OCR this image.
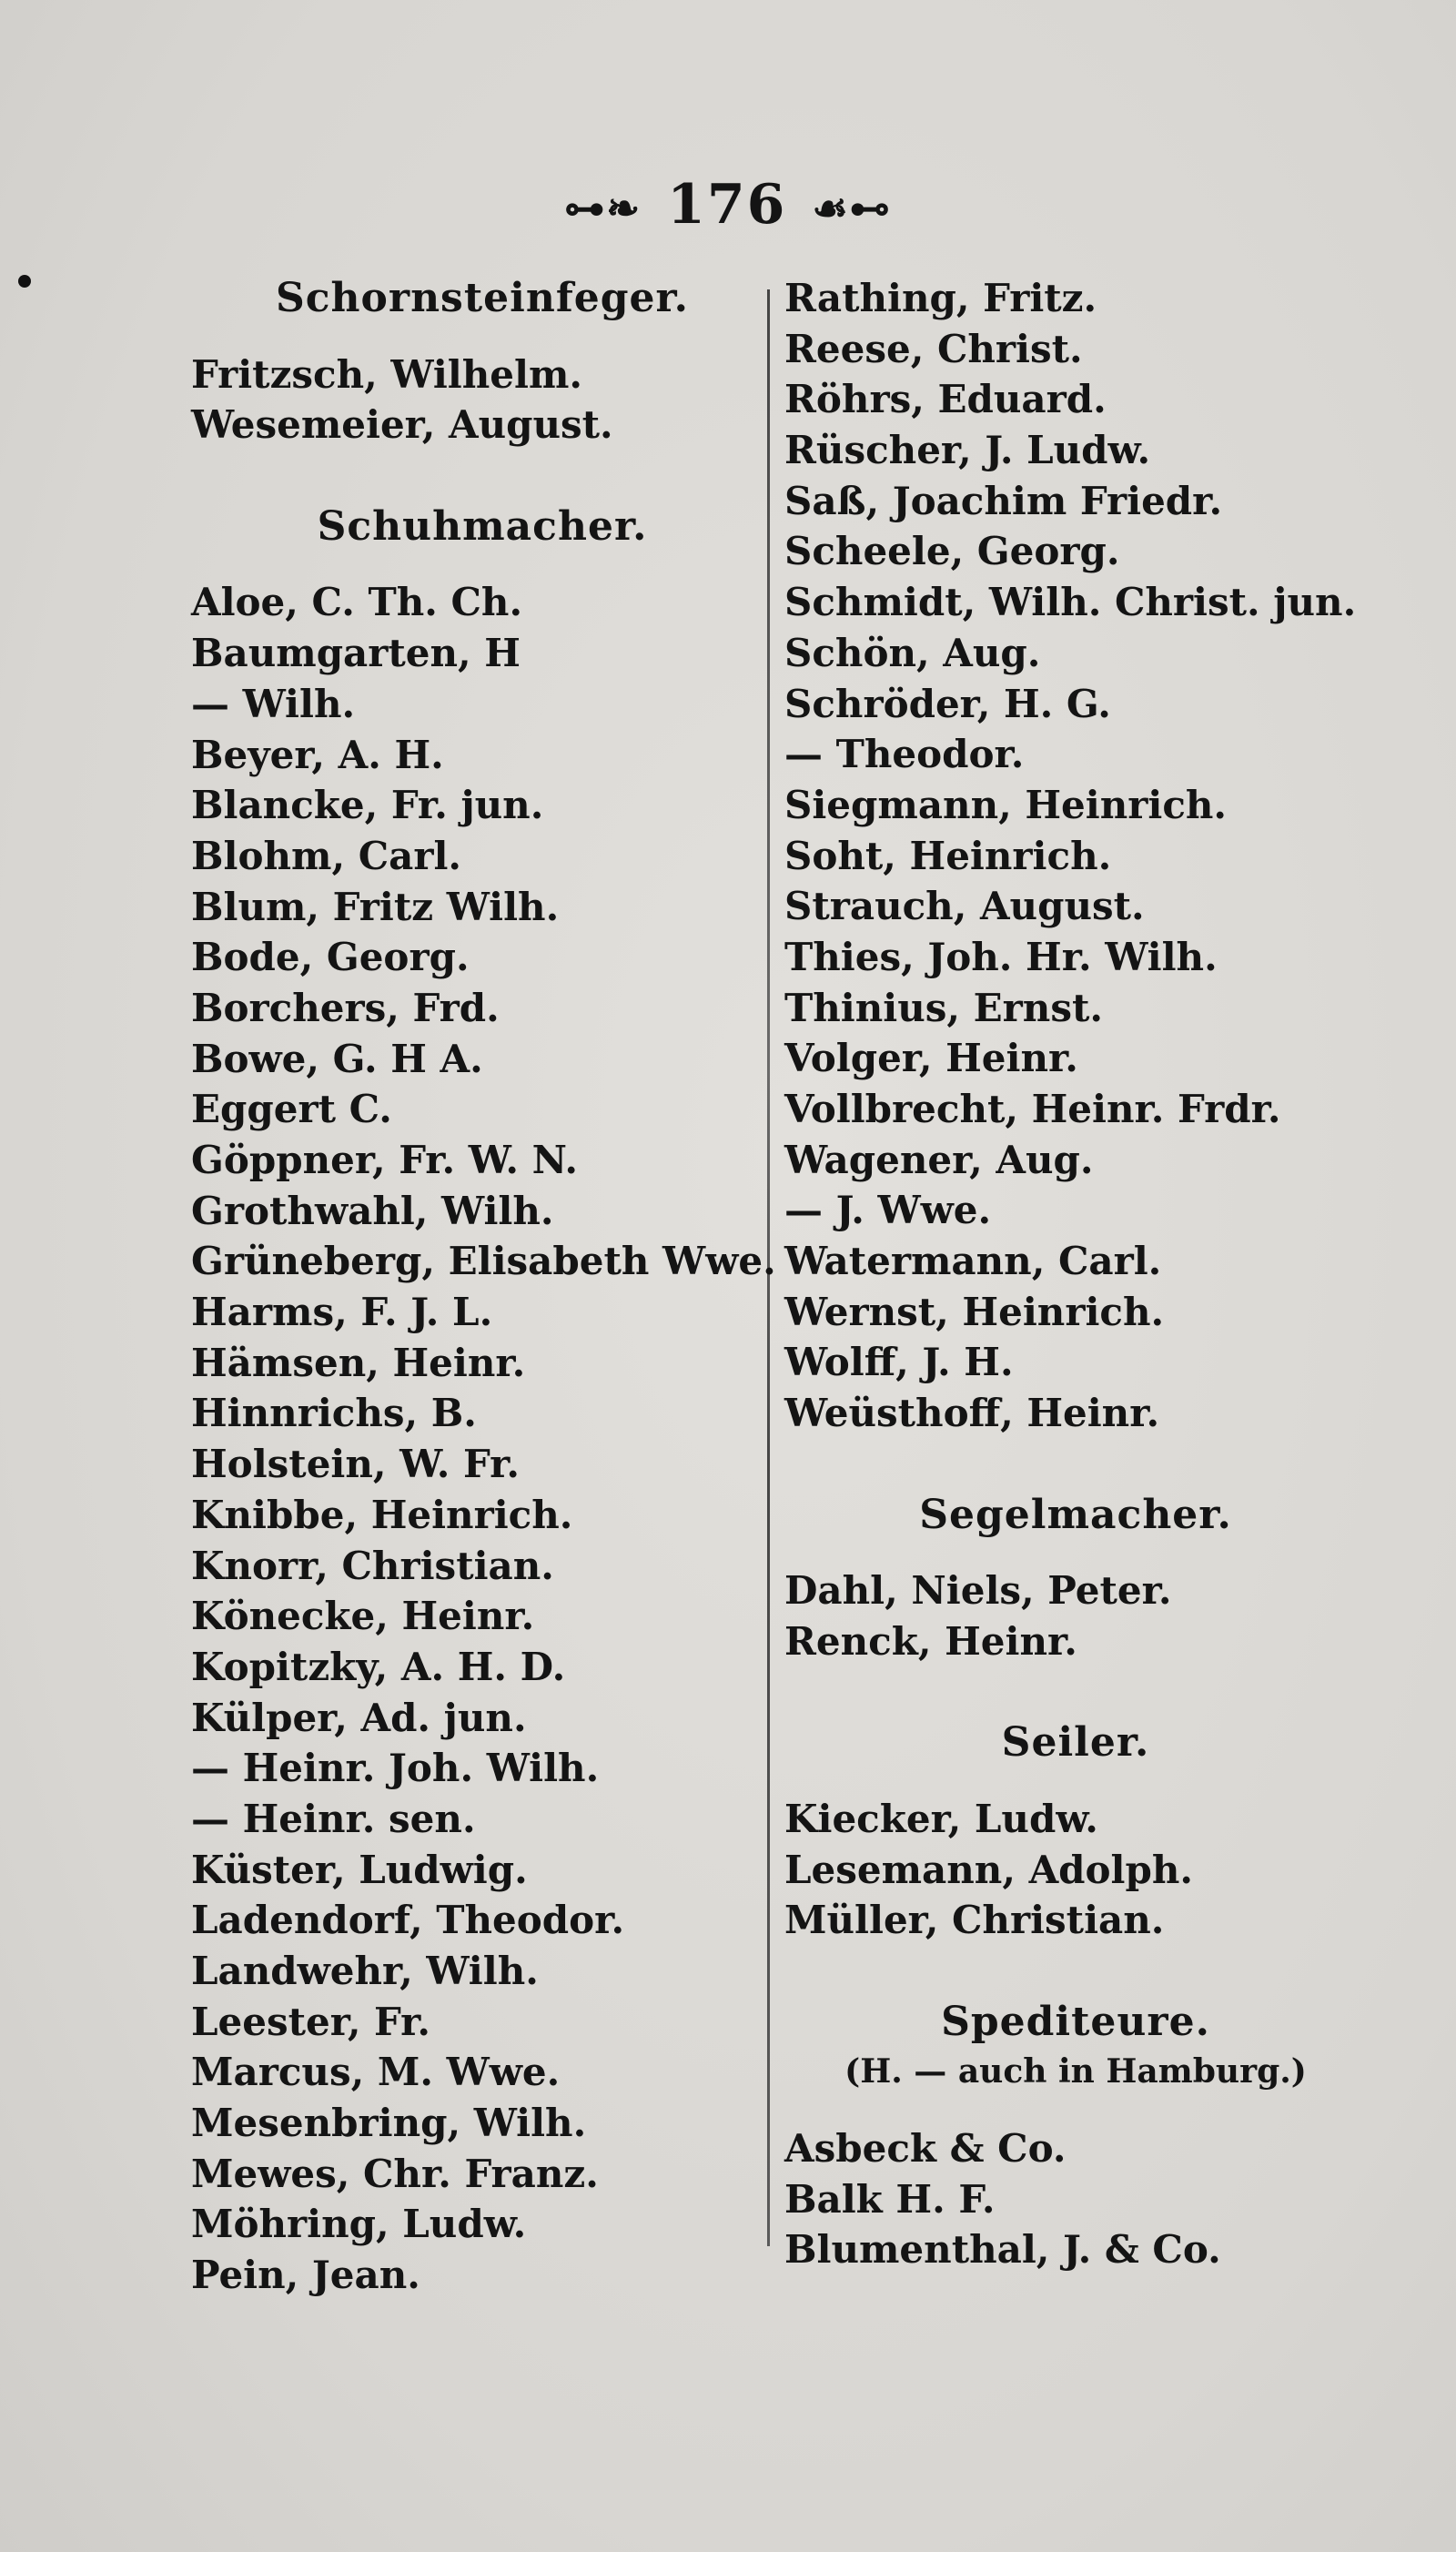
⊶❧ 176 ☙⊷
Schornsteinfeger.
Fritzsch, Wilhelm.
Wesemeier, August.
Schuhmacher.
Aloe, C. Th. Ch.
Baumgarten, H
— Wilh.
Beyer, A. H.
Blancke, Fr. jun.
Blohm, Carl.
Blum, Fritz Wilh.
Bode, Georg.
Borchers, Frd.
Bowe, G. H A.
Eggert C.
Göppner, Fr. W. N.
Grothwahl, Wilh.
Grüneberg, Elisabeth Wwe.
Harms, F. J. L.
Hämsen, Heinr.
Hinnrichs, B.
Holstein, W. Fr.
Knibbe, Heinrich.
Knorr, Christian.
Könecke, Heinr.
Kopitzky, A. H. D.
Külper, Ad. jun.
— Heinr. Joh. Wilh.
— Heinr. sen.
Küster, Ludwig.
Ladendorf, Theodor.
Landwehr, Wilh.
Leester, Fr.
Marcus, M. Wwe.
Mesenbring, Wilh.
Mewes, Chr. Franz.
Möhring, Ludw.
Pein, Jean.
Rathing, Fritz.
Reese, Christ.
Röhrs, Eduard.
Rüscher, J. Ludw.
Saß, Joachim Friedr.
Scheele, Georg.
Schmidt, Wilh. Christ. jun.
Schön, Aug.
Schröder, H. G.
— Theodor.
Siegmann, Heinrich.
Soht, Heinrich.
Strauch, August.
Thies, Joh. Hr. Wilh.
Thinius, Ernst.
Volger, Heinr.
Vollbrecht, Heinr. Frdr.
Wagener, Aug.
— J. Wwe.
Watermann, Carl.
Wernst, Heinrich.
Wolff, J. H.
Weüsthoff, Heinr.
Segelmacher.
Dahl, Niels, Peter.
Renck, Heinr.
Seiler.
Kiecker, Ludw.
Lesemann, Adolph.
Müller, Christian.
Spediteure.
(H. — auch in Hamburg.)
Asbeck & Co.
Balk H. F.
Blumenthal, J. & Co.
